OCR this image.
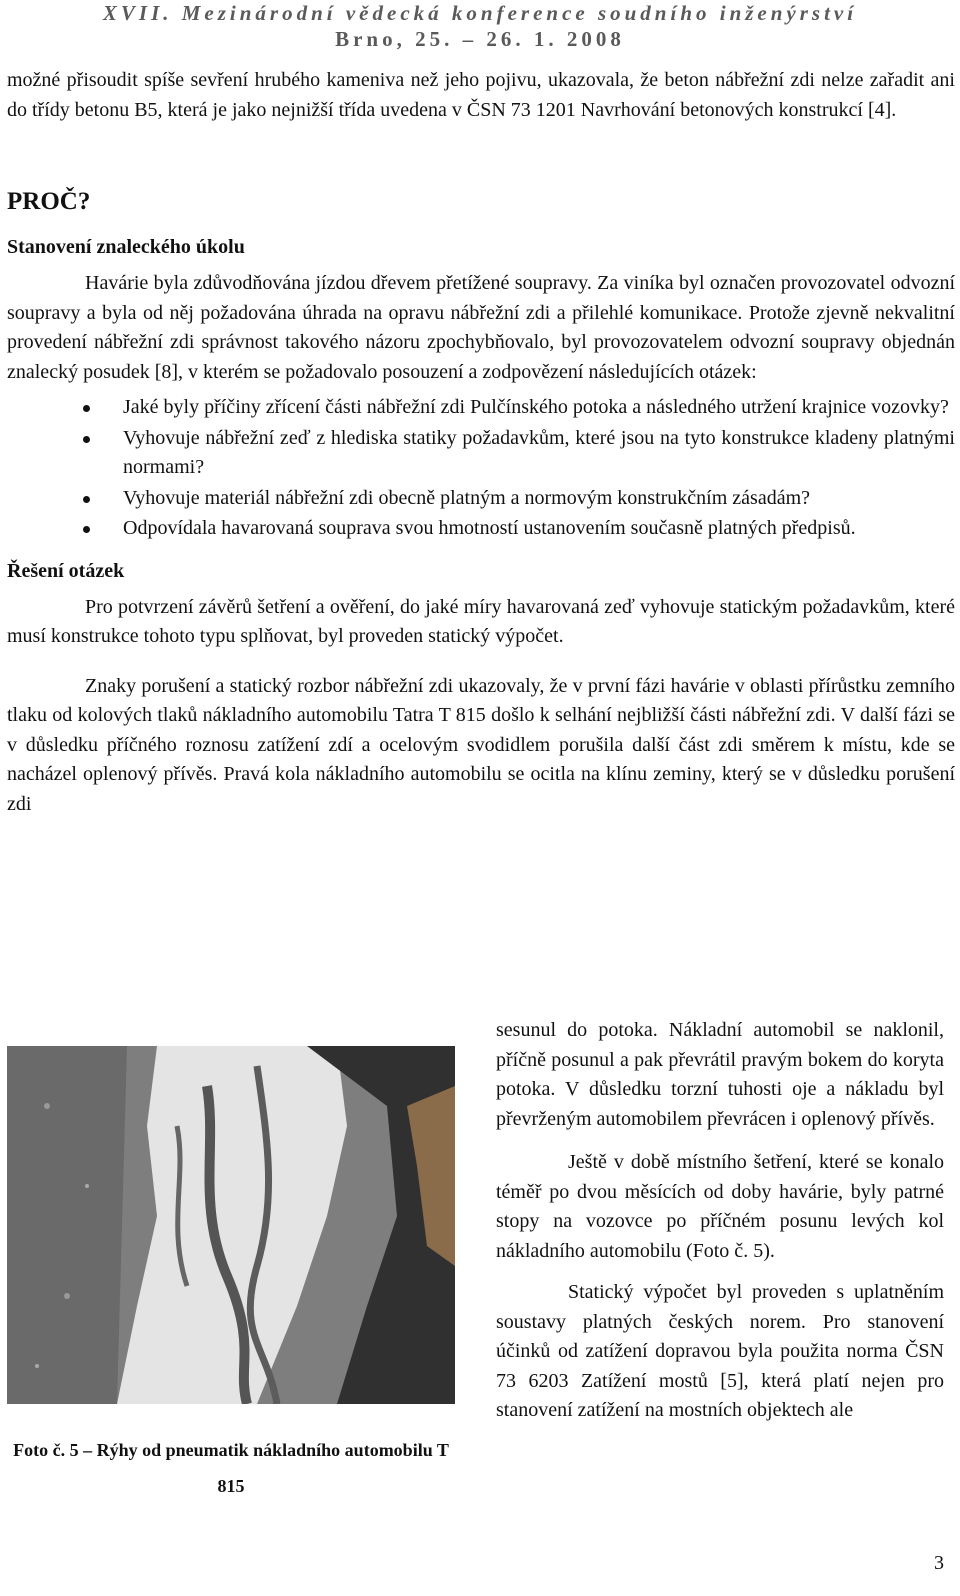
XVII. Mezinárodní vědecká konference soudního inženýrství
Brno, 25. – 26. 1. 2008

možné přisoudit spíše sevření hrubého kameniva než jeho pojivu, ukazovala, že beton nábřežní zdi nelze zařadit ani do třídy betonu B5, která je jako nejnižší třída uvedena v ČSN 73 1201 Navrhování betonových konstrukcí [4].

PROČ?
Stanovení znaleckého úkolu

Havárie byla zdůvodňována jízdou dřevem přetížené soupravy. Za viníka byl označen provozovatel odvozní soupravy a byla od něj požadována úhrada na opravu nábřežní zdi a přilehlé komunikace. Protože zjevně nekvalitní provedení nábřežní zdi správnost takového názoru zpochybňovalo, byl provozovatelem odvozní soupravy objednán znalecký posudek [8], v kterém se požadovalo posouzení a zodpovězení následujících otázek:

Jaké byly příčiny zřícení části nábřežní zdi Pulčínského potoka a následného utržení krajnice vozovky?
Vyhovuje nábřežní zeď z hlediska statiky požadavkům, které jsou na tyto konstrukce kladeny platnými normami?
Vyhovuje materiál nábřežní zdi obecně platným a normovým konstrukčním zásadám?
Odpovídala havarovaná souprava svou hmotností ustanovením současně platných předpisů.
Řešení otázek

Pro potvrzení závěrů šetření a ověření, do jaké míry havarovaná zeď vyhovuje statickým požadavkům, které musí konstrukce tohoto typu splňovat, byl proveden statický výpočet.

Znaky porušení a statický rozbor nábřežní zdi ukazovaly, že v první fázi havárie v oblasti přírůstku zemního tlaku od kolových tlaků nákladního automobilu Tatra T 815 došlo k selhání nejbližší části nábřežní zdi. V další fázi se v důsledku příčného roznosu zatížení zdí a ocelovým svodidlem porušila další část zdi směrem k místu, kde se nacházel oplenový přívěs. Pravá kola nákladního automobilu se ocitla na klínu zeminy, který se v důsledku porušení zdi

Foto č. 5 – Rýhy od pneumatik nákladního automobilu T 815

sesunul do potoka. Nákladní automobil se naklonil, příčně posunul a pak převrátil pravým bokem do koryta potoka. V důsledku torzní tuhosti oje a nákladu byl převrženým automobilem převrácen i oplenový přívěs.

Ještě v době místního šetření, které se konalo téměř po dvou měsících od doby havárie, byly patrné stopy na vozovce po příčném posunu levých kol nákladního automobilu (Foto č. 5).

Statický výpočet byl proveden s uplatněním soustavy platných českých norem. Pro stanovení účinků od zatížení dopravou byla použita norma ČSN 73 6203 Zatížení mostů [5], která platí nejen pro stanovení zatížení na mostních objektech ale

3
